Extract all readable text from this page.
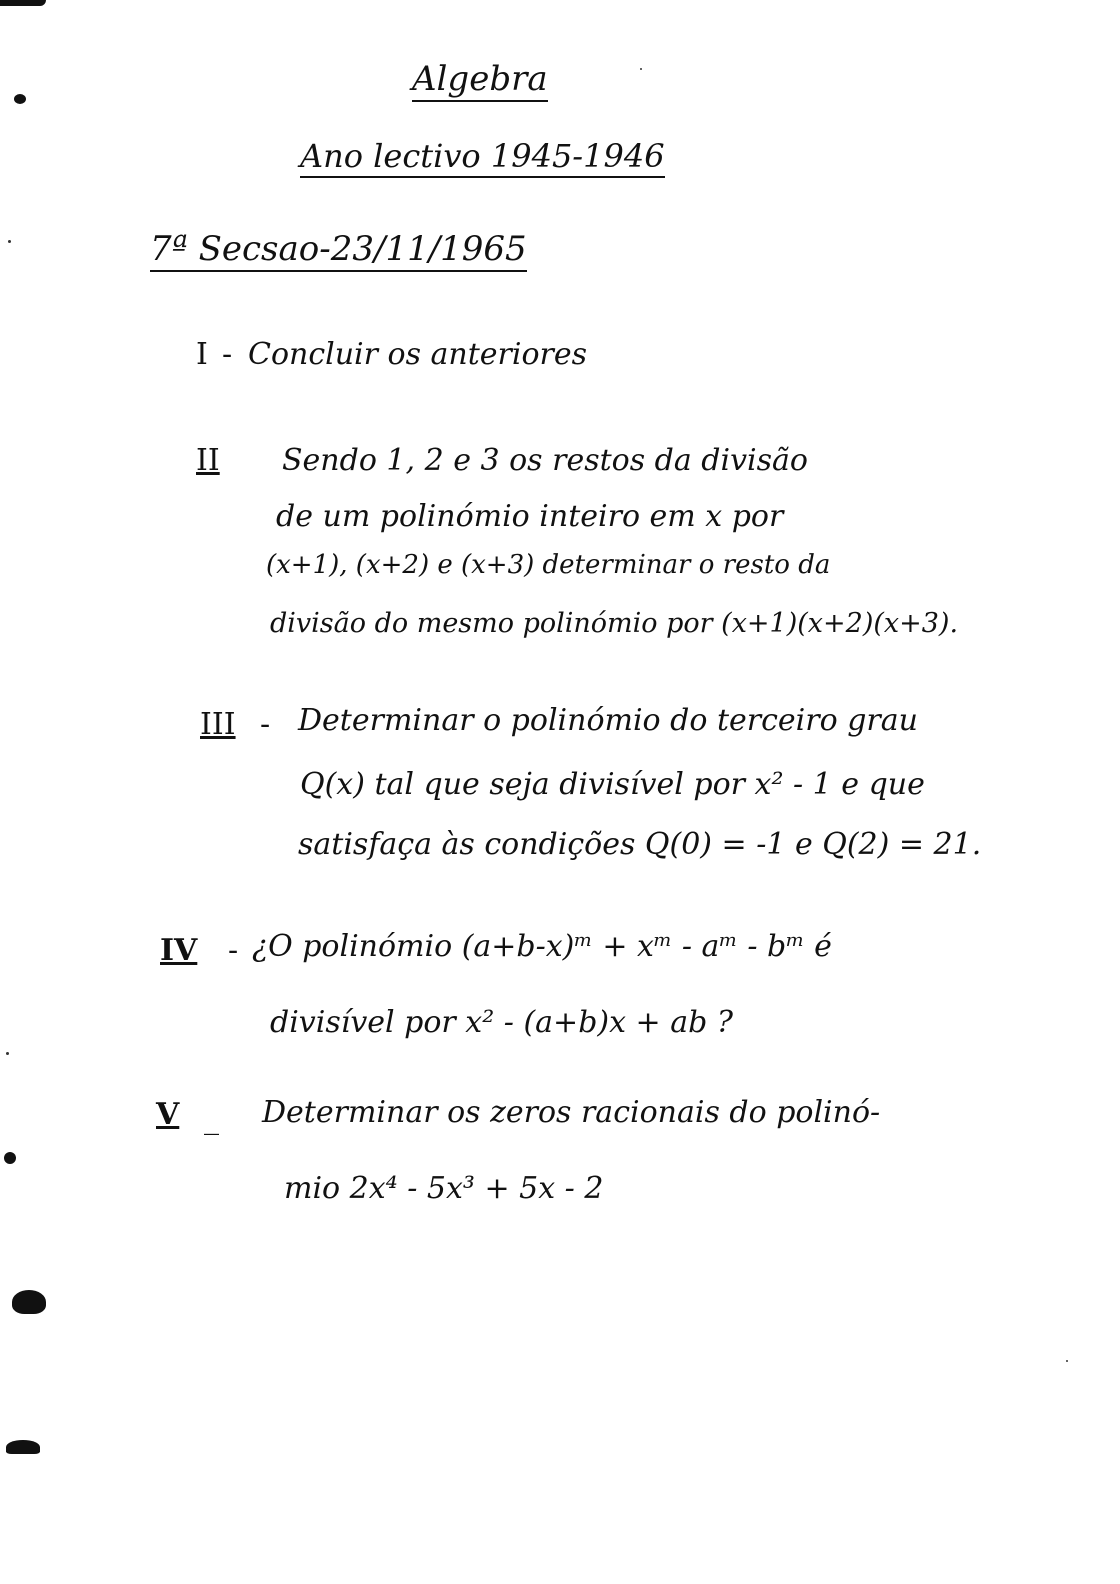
Algebra
Ano lectivo 1945-1946
7ª Secsao-23/11/1965
I - Concluir os anteriores
II Sendo 1, 2 e 3 os restos da divisão
de um polinómio inteiro em x por
(x+1), (x+2) e (x+3) determinar o resto da
divisão do mesmo polinómio por (x+1)(x+2)(x+3).
III - Determinar o polinómio do terceiro grau
Q(x) tal que seja divisível por x² - 1 e que
satisfaça às condições Q(0) = -1 e Q(2) = 21.
IV - ¿O polinómio (a+b-x)ᵐ + xᵐ - aᵐ - bᵐ é
divisível por x² - (a+b)x + ab ?
V _ Determinar os zeros racionais do polinó-
mio 2x⁴ - 5x³ + 5x - 2
